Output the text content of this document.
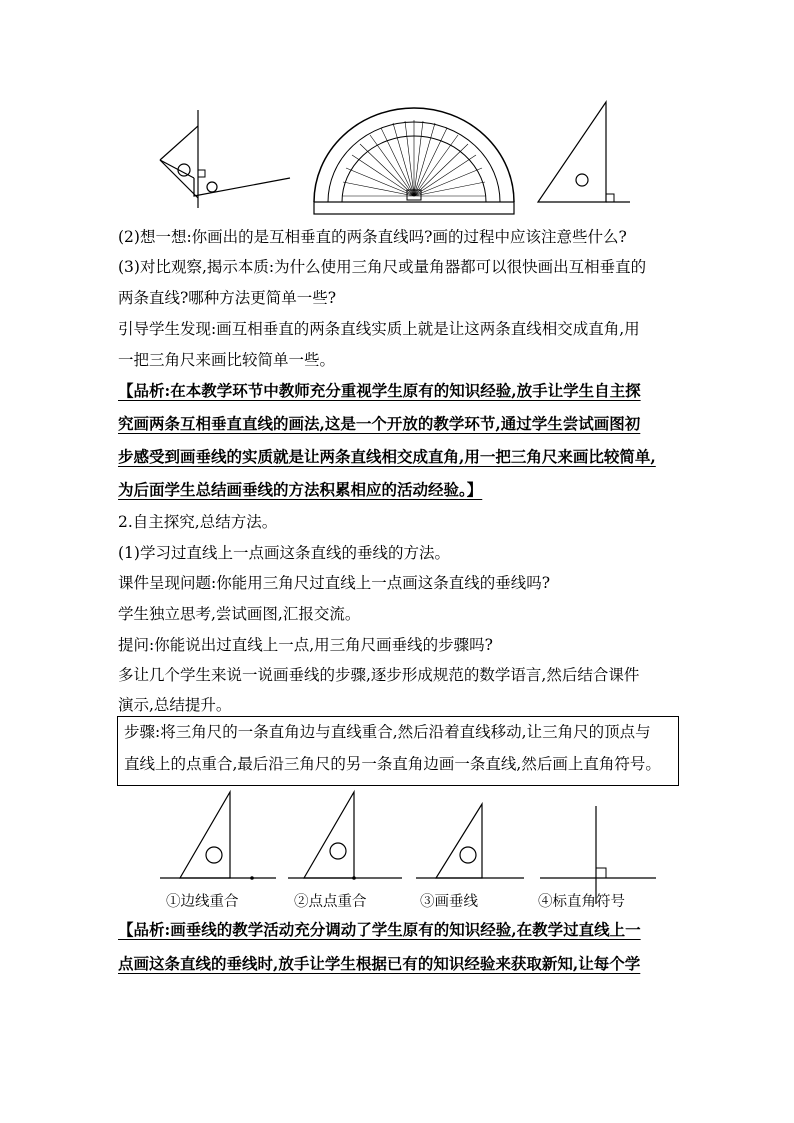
(2)想一想:你画出的是互相垂直的两条直线吗?画的过程中应该注意些什么?
(3)对比观察,揭示本质:为什么使用三角尺或量角器都可以很快画出互相垂直的
两条直线?哪种方法更简单一些?
引导学生发现:画互相垂直的两条直线实质上就是让这两条直线相交成直角,用
一把三角尺来画比较简单一些。
【品析:在本教学环节中教师充分重视学生原有的知识经验,放手让学生自主探
究画两条互相垂直直线的画法,这是一个开放的教学环节,通过学生尝试画图初
步感受到画垂线的实质就是让两条直线相交成直角,用一把三角尺来画比较简单,
为后面学生总结画垂线的方法积累相应的活动经验。】
2.自主探究,总结方法。
(1)学习过直线上一点画这条直线的垂线的方法。
课件呈现问题:你能用三角尺过直线上一点画这条直线的垂线吗?
学生独立思考,尝试画图,汇报交流。
提问:你能说出过直线上一点,用三角尺画垂线的步骤吗?
多让几个学生来说一说画垂线的步骤,逐步形成规范的数学语言,然后结合课件
演示,总结提升。
步骤:将三角尺的一条直角边与直线重合,然后沿着直线移动,让三角尺的顶点与
直线上的点重合,最后沿三角尺的另一条直角边画一条直线,然后画上直角符号。
①边线重合	②点点重合	③画垂线	④标直角符号
【品析:画垂线的教学活动充分调动了学生原有的知识经验,在教学过直线上一
点画这条直线的垂线时,放手让学生根据已有的知识经验来获取新知,让每个学
